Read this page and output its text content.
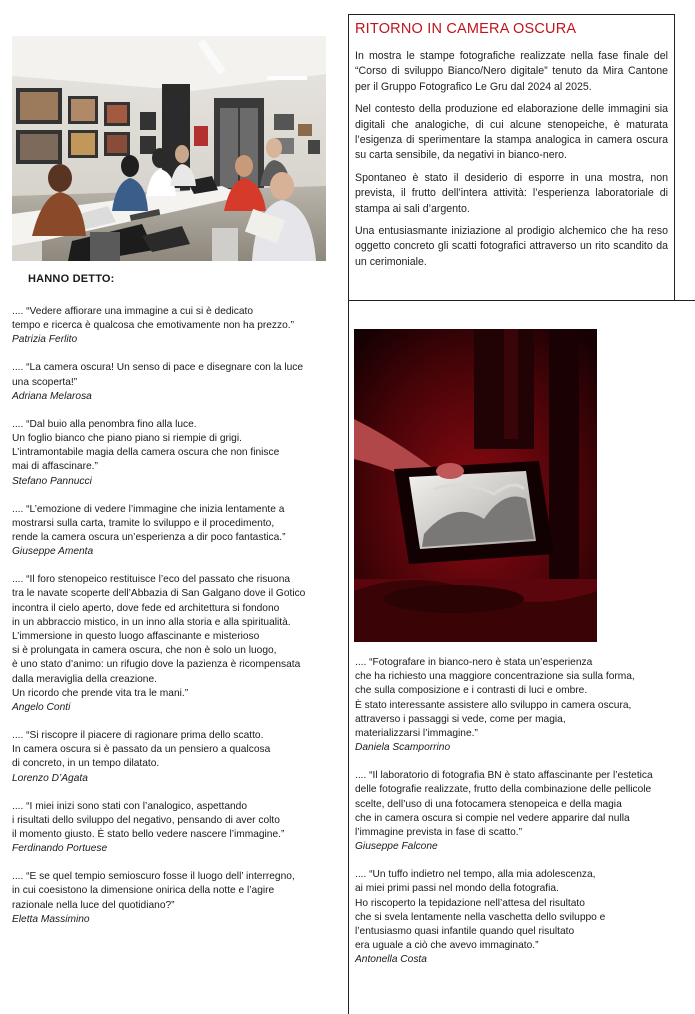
RITORNO IN CAMERA OSCURA

In mostra le stampe fotografiche realizzate nella fase finale del “Corso di sviluppo Bianco/Nero digitale” tenuto da Mira Cantone per il Gruppo Fotografico Le Gru dal 2024 al 2025.

Nel contesto della produzione ed elaborazione delle immagini sia digitali che analogiche, di cui alcune stenopeiche, è maturata l’esigenza di sperimentare la stampa analogica in camera oscura su carta sensibile, da negativi in bianco-nero.

Spontaneo è stato il desiderio di esporre in una mostra, non prevista, il frutto dell’intera attività: l’esperienza laboratoriale di stampa ai sali d’argento.

Una entusiasmante iniziazione al prodigio alchemico che ha reso oggetto concreto gli scatti fotografici attraverso un rito scandito da un cerimoniale.

HANNO DETTO:
.... “Vedere affiorare una immagine a cui si è dedicato
tempo e ricerca è qualcosa che emotivamente non ha prezzo.”
Patrizia Ferlito
.... “La camera oscura! Un senso di pace e disegnare con la luce
una scoperta!”
Adriana Melarosa
.... “Dal buio alla penombra fino alla luce.
Un foglio bianco che piano piano si riempie di grigi.
L’intramontabile magia della camera oscura che non finisce
mai di affascinare.”
Stefano Pannucci
.... “L’emozione di vedere l’immagine che inizia lentamente a
mostrarsi sulla carta, tramite lo sviluppo e il procedimento,
rende la camera oscura un’esperienza a dir poco fantastica.”
Giuseppe Amenta
.... “Il foro stenopeico restituisce l’eco del passato che risuona
tra le navate scoperte dell’Abbazia di San Galgano dove il Gotico
incontra il cielo aperto, dove fede ed architettura si fondono
in un abbraccio mistico, in un inno alla storia e alla spiritualità.
L’immersione in questo luogo affascinante e misterioso
si è prolungata in camera oscura, che non è solo un luogo,
è uno stato d’animo: un rifugio dove la pazienza è ricompensata
dalla meraviglia della creazione.
Un ricordo che prende vita tra le mani.”
Angelo Conti
.... “Si riscopre il piacere di ragionare prima dello scatto.
In camera oscura si è passato da un pensiero a qualcosa
di concreto, in un tempo dilatato.
Lorenzo D’Agata
.... “I miei inizi sono stati con l’analogico, aspettando
i risultati dello sviluppo del negativo, pensando di aver colto
il momento giusto. È stato bello vedere nascere l’immagine.”
Ferdinando Portuese
.... “E se quel tempio semioscuro fosse il luogo dell’ interregno,
in cui coesistono la dimensione onirica della notte e l’agire
razionale nella luce del quotidiano?”
Eletta Massimino
.... “Fotografare in bianco-nero è stata un’esperienza
che ha richiesto una maggiore concentrazione sia sulla forma,
che sulla composizione e i contrasti di luci e ombre.
È stato interessante assistere allo sviluppo in camera oscura,
attraverso i passaggi si vede, come per magia,
materializzarsi l’immagine.”
Daniela Scamporrino
.... “Il laboratorio di fotografia BN è stato affascinante per l’estetica
delle fotografie realizzate, frutto della combinazione delle pellicole
scelte, dell’uso di una fotocamera stenopeica e della magia
che in camera oscura si compie nel vedere apparire dal nulla
l’immagine prevista in fase di scatto.”
Giuseppe Falcone
.... “Un tuffo indietro nel tempo, alla mia adolescenza,
ai miei primi passi nel mondo della fotografia.
Ho riscoperto la tepidazione nell’attesa del risultato
che si svela lentamente nella vaschetta dello sviluppo e
l’entusiasmo quasi infantile quando quel risultato
era uguale a ciò che avevo immaginato.”
Antonella Costa
